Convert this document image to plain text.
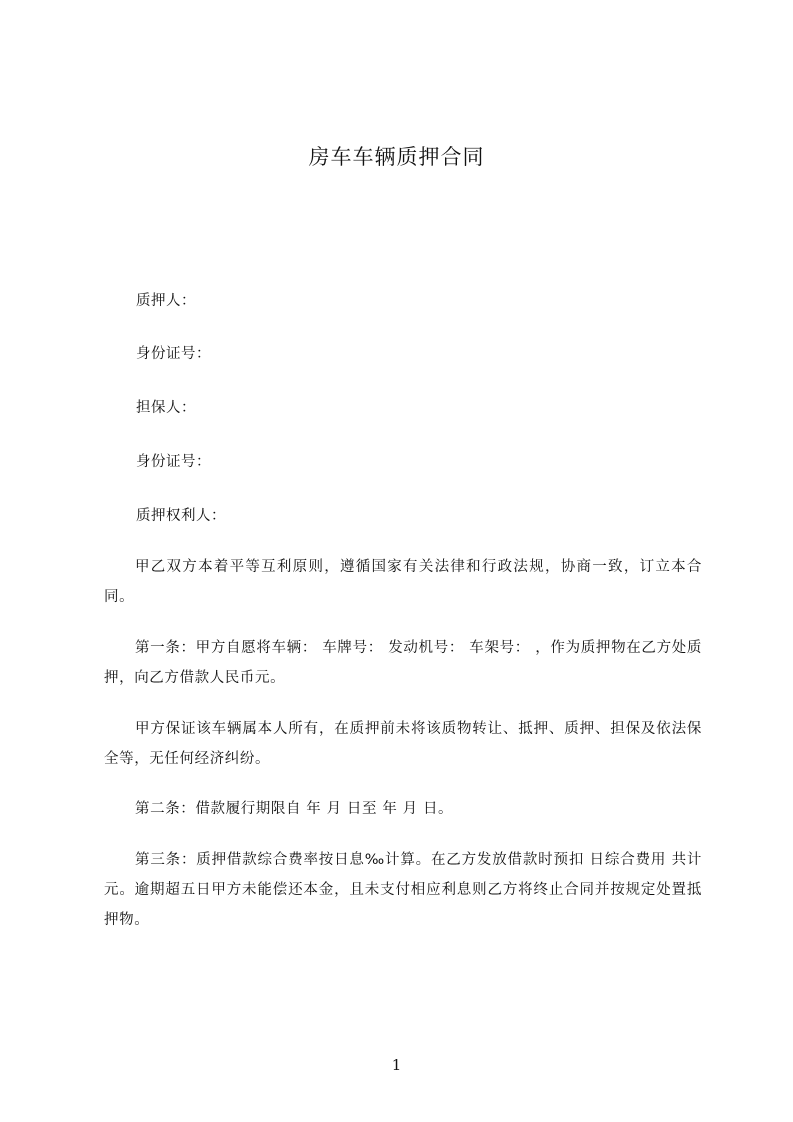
房车车辆质押合同
质押人：
身份证号：
担保人：
身份证号：
质押权利人：
甲乙双方本着平等互利原则，遵循国家有关法律和行政法规，协商一致，订立本合同。
第一条：甲方自愿将车辆： 车牌号： 发动机号： 车架号： ，作为质押物在乙方处质押，向乙方借款人民币元。
甲方保证该车辆属本人所有，在质押前未将该质物转让、抵押、质押、担保及依法保全等，无任何经济纠纷。
第二条：借款履行期限自 年 月 日至 年 月 日。
第三条：质押借款综合费率按日息‰计算。在乙方发放借款时预扣 日综合费用 共计 元。逾期超五日甲方未能偿还本金，且未支付相应利息则乙方将终止合同并按规定处置抵押物。
1
